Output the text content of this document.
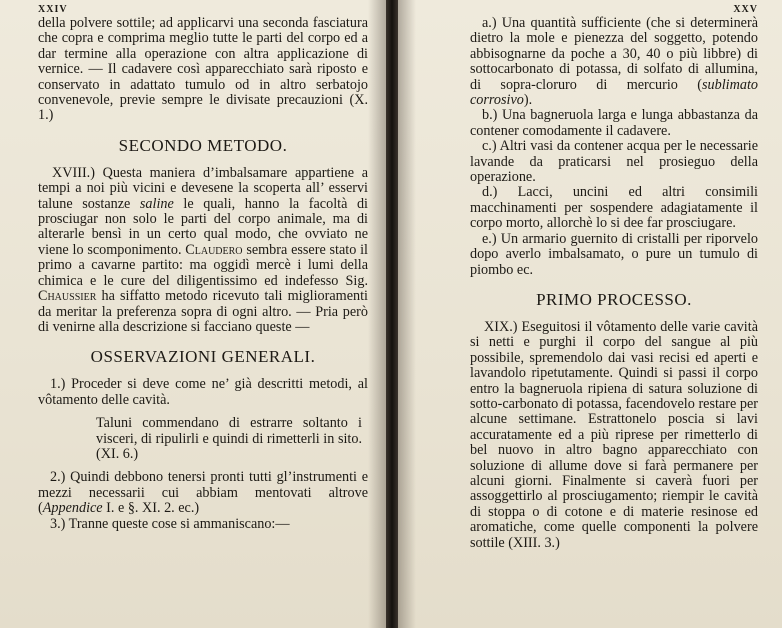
XXIV

della polvere sottile; ad applicarvi una seconda fasciatura che copra e comprima meglio tutte le parti del corpo ed a dar termine alla operazione con altra applicazione di vernice. — Il cadavere così apparecchiato sarà riposto e conservato in adattato tumulo od in altro serbatojo convenevole, previe sempre le divisate precauzioni (X. 1.)

SECONDO METODO.

XVIII.) Questa maniera d’imbalsamare appartiene a tempi a noi più vicini e devesene la scoperta all’ esservi talune sostanze saline le quali, hanno la facoltà di prosciugar non solo le parti del corpo animale, ma di alterarle bensì in un certo qual modo, che ovviato ne viene lo scomponimento. Claudero sembra essere stato il primo a cavarne partito: ma oggidì mercè i lumi della chimica e le cure del diligentissimo ed indefesso Sig. Chaussier ha siffatto metodo ricevuto tali miglioramenti da meritar la preferenza sopra di ogni altro. — Pria però di venirne alla descrizione si facciano queste —

OSSERVAZIONI GENERALI.

1.) Proceder si deve come ne’ già descritti metodi, al vôtamento delle cavità.

Taluni commendano di estrarre soltanto i visceri, di ripulirli e quindi di rimetterli in sito. (XI. 6.)

2.) Quindi debbono tenersi pronti tutti gl’instrumenti e mezzi necessarii cui abbiam mentovati altrove (Appendice I. e §. XI. 2. ec.)

3.) Tranne queste cose si ammaniscano:—

XXV

a.) Una quantità sufficiente (che si determinerà dietro la mole e pienezza del soggetto, potendo abbisognarne da poche a 30, 40 o più libbre) di sottocarbonato di potassa, di solfato di allumina, di sopra-cloruro di mercurio (sublimato corrosivo).

b.) Una bagneruola larga e lunga abbastanza da contener comodamente il cadavere.

c.) Altri vasi da contener acqua per le necessarie lavande da praticarsi nel prosieguo della operazione.

d.) Lacci, uncini ed altri consimili macchinamenti per sospendere adagiatamente il corpo morto, allorchè lo si dee far prosciugare.

e.) Un armario guernito di cristalli per riporvelo dopo averlo imbalsamato, o pure un tumulo di piombo ec.

PRIMO PROCESSO.

XIX.) Eseguitosi il vôtamento delle varie cavità si netti e purghi il corpo del sangue al più possibile, spremendolo dai vasi recisi ed aperti e lavandolo ripetutamente. Quindi si passi il corpo entro la bagneruola ripiena di satura soluzione di sotto-carbonato di potassa, facendovelo restare per alcune settimane. Estrattonelo poscia si lavi accuratamente ed a più riprese per rimetterlo di bel nuovo in altro bagno apparecchiato con soluzione di allume dove si farà permanere per alcuni giorni. Finalmente si caverà fuori per assoggettirlo al prosciugamento; riempir le cavità di stoppa o di cotone e di materie resinose ed aromatiche, come quelle componenti la polvere sottile (XIII. 3.)
